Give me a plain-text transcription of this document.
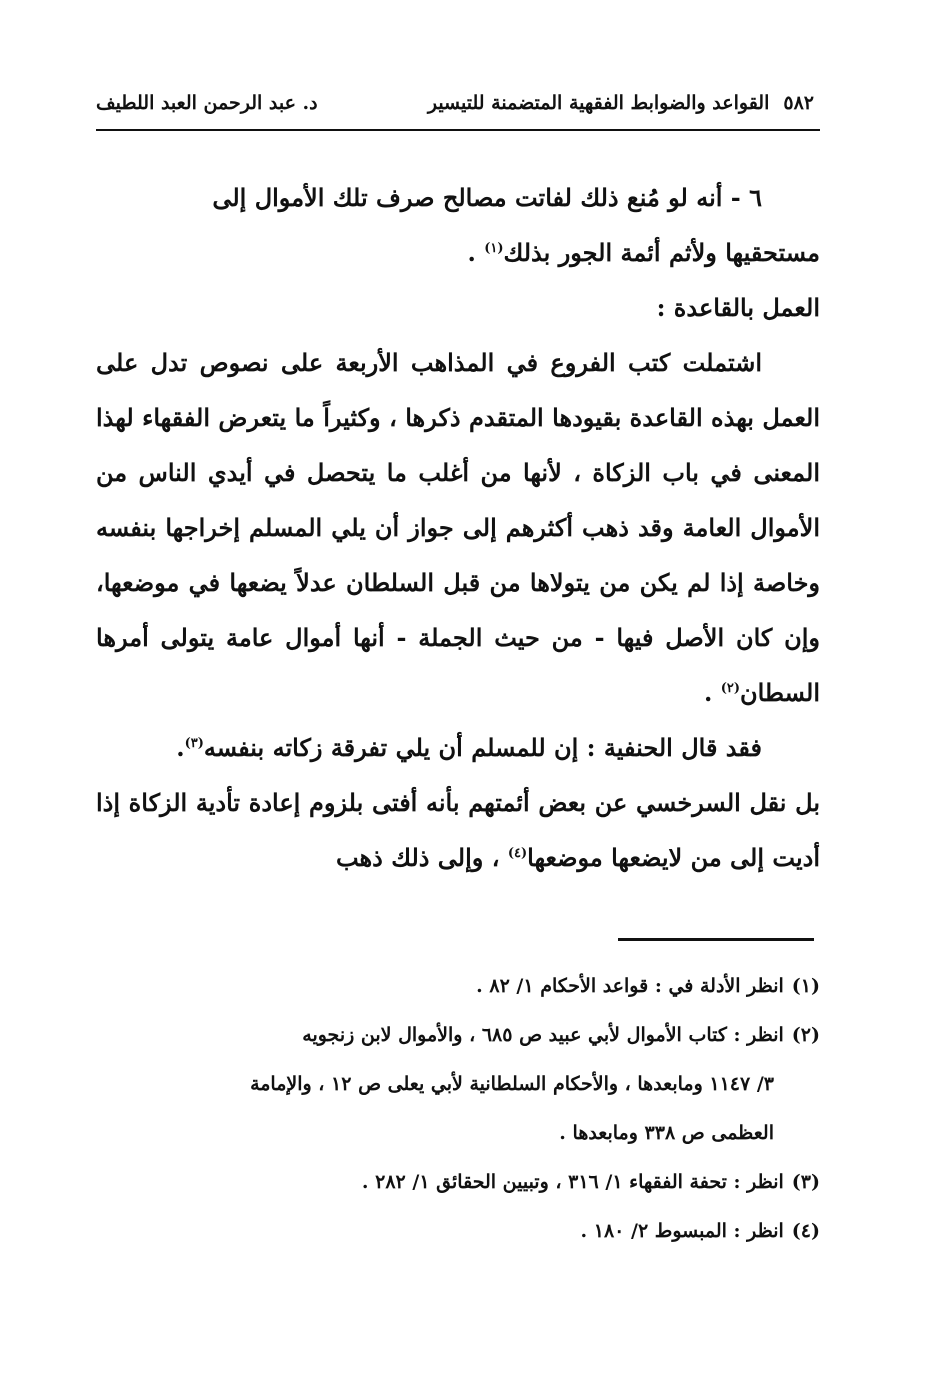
٥٨٢
القواعد والضوابط الفقهية المتضمنة للتيسير
د. عبد الرحمن العبد اللطيف

٦ - أنه لو مُنع ذلك لفاتت مصالح صرف تلك الأموال إلى

مستحقيها ولأثم أئمة الجور بذلك$^{(١)}$ .

العمل بالقاعدة :

اشتملت كتب الفروع في المذاهب الأربعة على نصوص تدل على العمل بهذه القاعدة بقيودها المتقدم ذكرها ، وكثيراً ما يتعرض الفقهاء لهذا المعنى في باب الزكاة ، لأنها من أغلب ما يتحصل في أيدي الناس من الأموال العامة وقد ذهب أكثرهم إلى جواز أن يلي المسلم إخراجها بنفسه وخاصة إذا لم يكن من يتولاها من قبل السلطان عدلاً يضعها في موضعها، وإن كان الأصل فيها - من حيث الجملة - أنها أموال عامة يتولى أمرها السطان$^{(٢)}$ .

فقد قال الحنفية : إن للمسلم أن يلي تفرقة زكاته بنفسه$^{(٣)}$.

بل نقل السرخسي عن بعض أئمتهم بأنه أفتى بلزوم إعادة تأدية الزكاة إذا أديت إلى من لايضعها موضعها$^{(٤)}$ ، وإلى ذلك ذهب

(١)انظر الأدلة في : قواعد الأحكام ١/ ٨٢ .

(٢)انظر : كتاب الأموال لأبي عبيد ص ٦٨٥ ، والأموال لابن زنجويه

٣/ ١١٤٧ ومابعدها ، والأحكام السلطانية لأبي يعلى ص ١٢ ، والإمامة

العظمى ص ٣٣٨ ومابعدها .

(٣)انظر : تحفة الفقهاء ١/ ٣١٦ ، وتبيين الحقائق ١/ ٢٨٢ .

(٤)انظر : المبسوط ٢/ ١٨٠ .
